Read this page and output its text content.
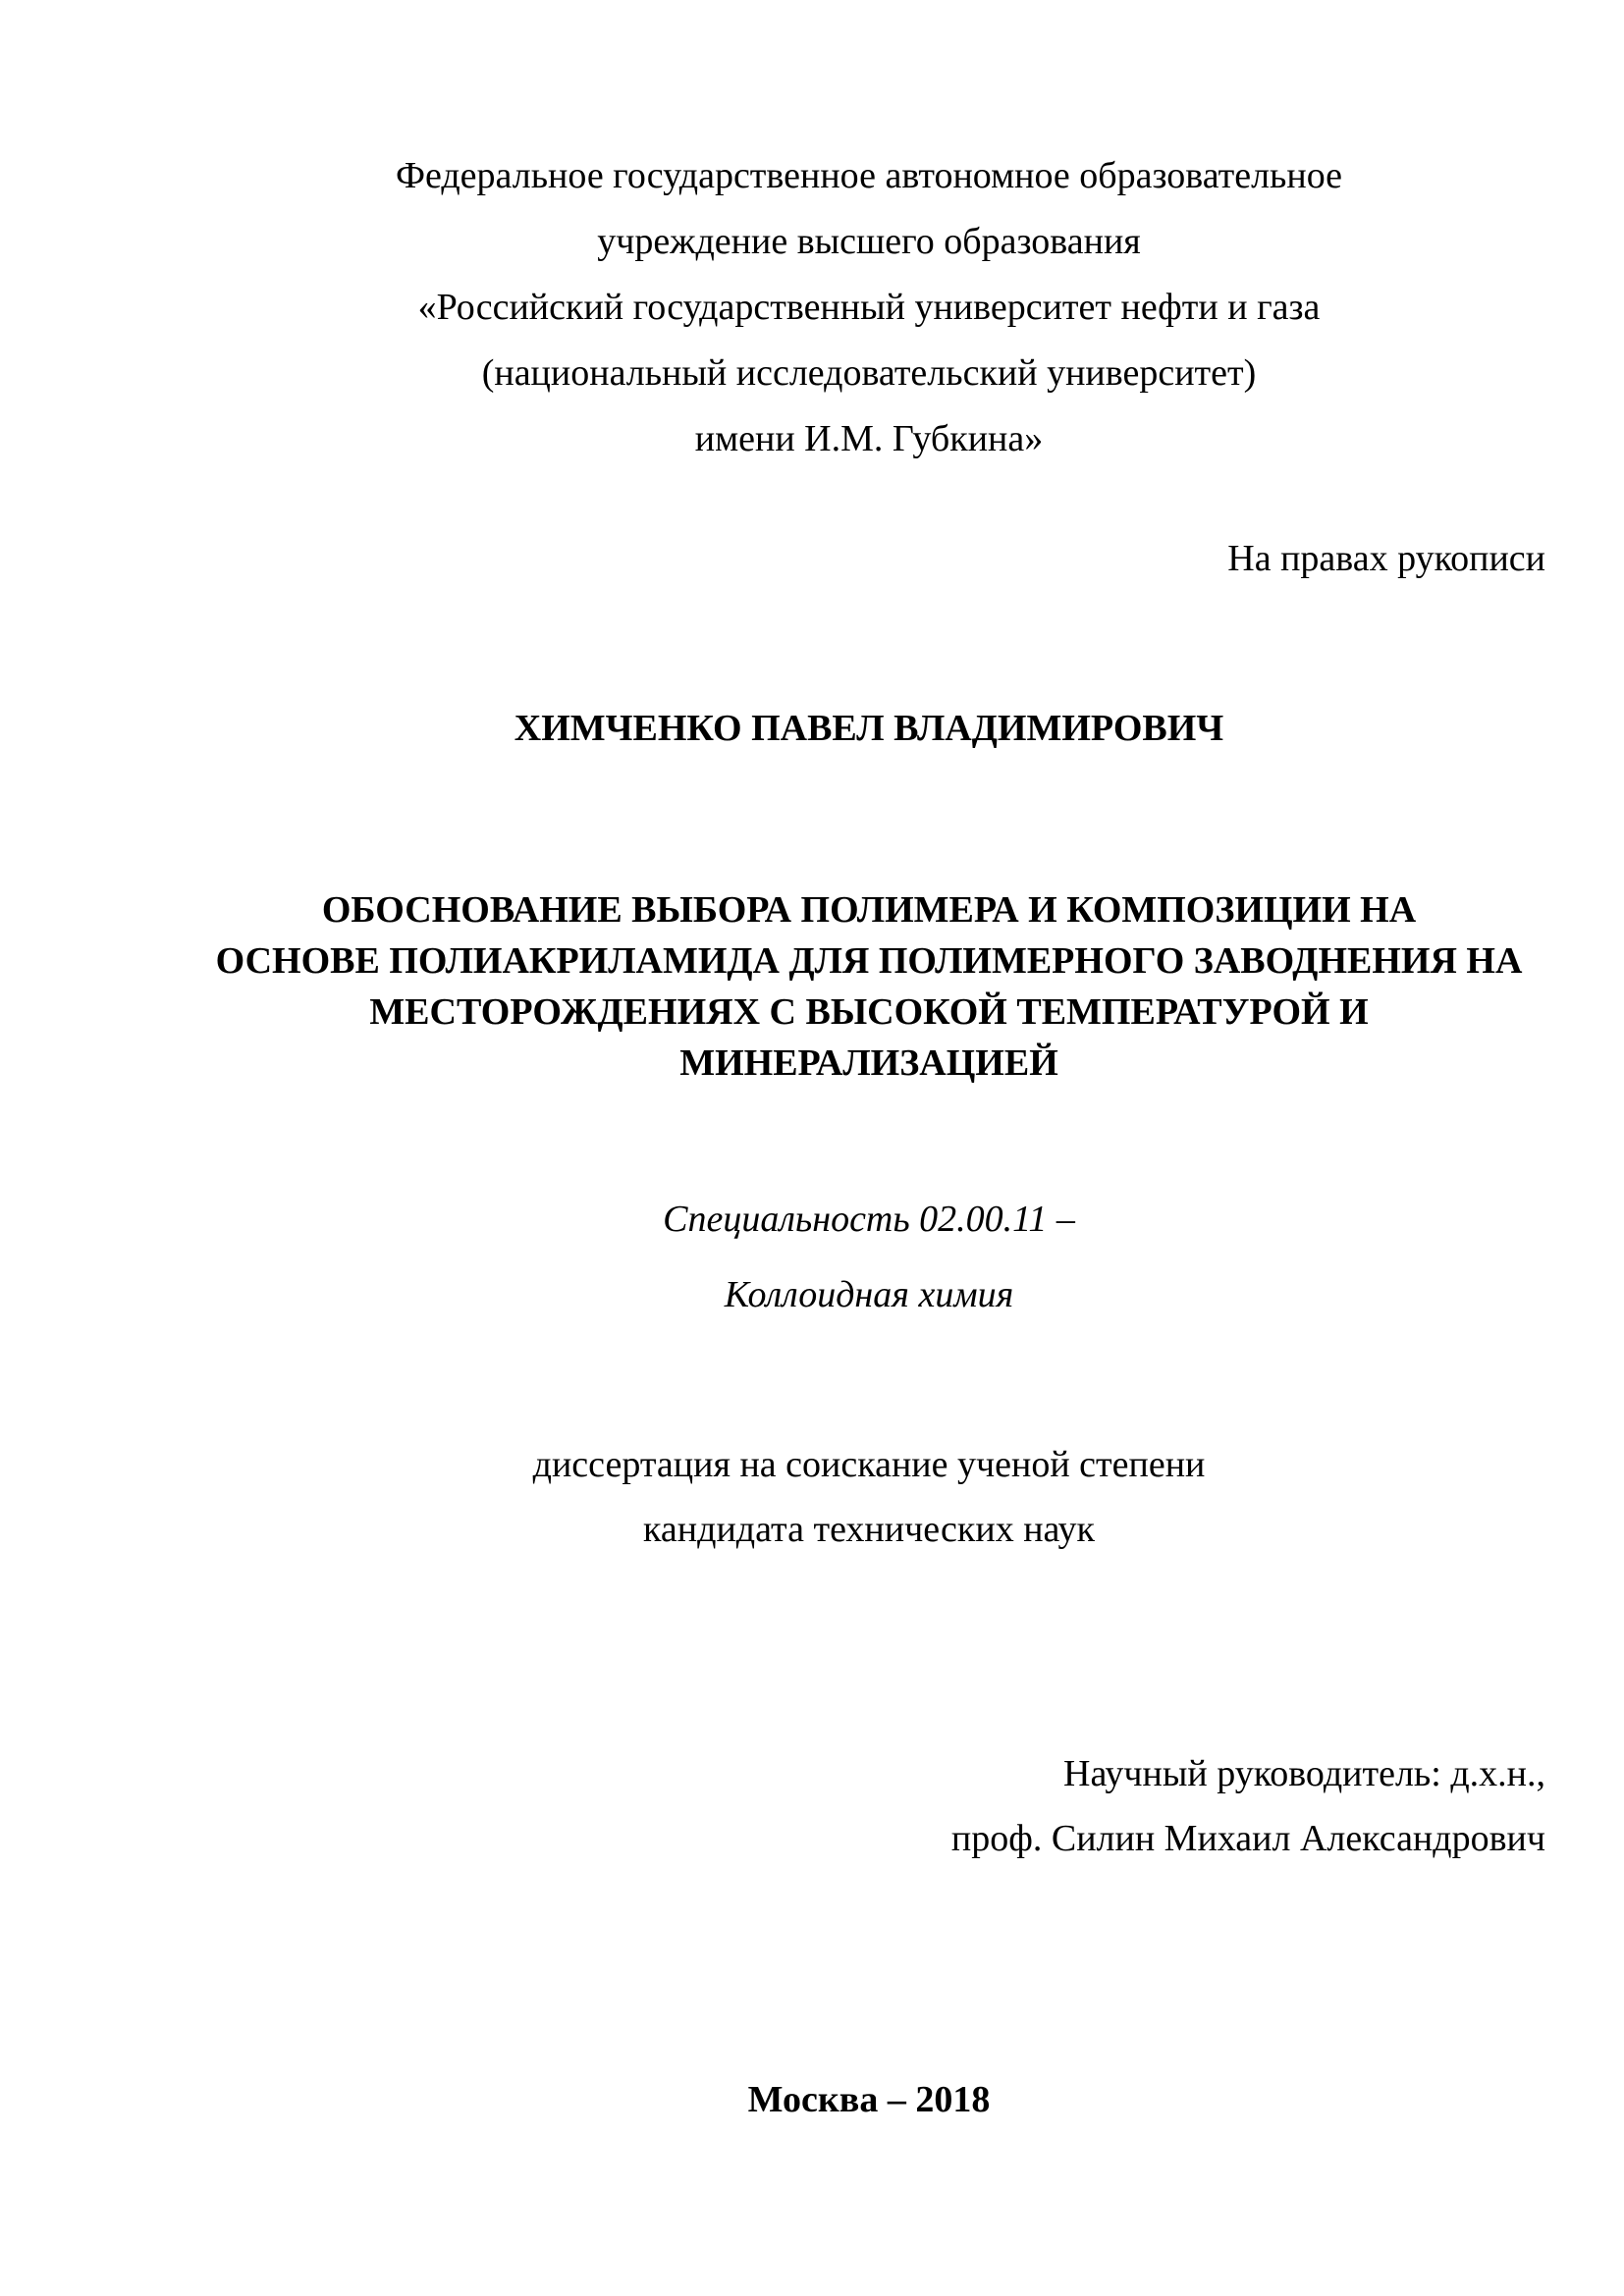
Федеральное государственное автономное образовательное
учреждение высшего образования
«Российский государственный университет нефти и газа
(национальный исследовательский университет)
имени И.М. Губкина»
На правах рукописи
ХИМЧЕНКО ПАВЕЛ ВЛАДИМИРОВИЧ
ОБОСНОВАНИЕ ВЫБОРА ПОЛИМЕРА И КОМПОЗИЦИИ НА
ОСНОВЕ ПОЛИАКРИЛАМИДА ДЛЯ ПОЛИМЕРНОГО ЗАВОДНЕНИЯ НА
МЕСТОРОЖДЕНИЯХ С ВЫСОКОЙ ТЕМПЕРАТУРОЙ И
МИНЕРАЛИЗАЦИЕЙ
Специальность 02.00.11 –
Коллоидная химия
диссертация на соискание ученой степени
кандидата технических наук
Научный руководитель: д.х.н.,
проф. Силин Михаил Александрович
Москва – 2018
